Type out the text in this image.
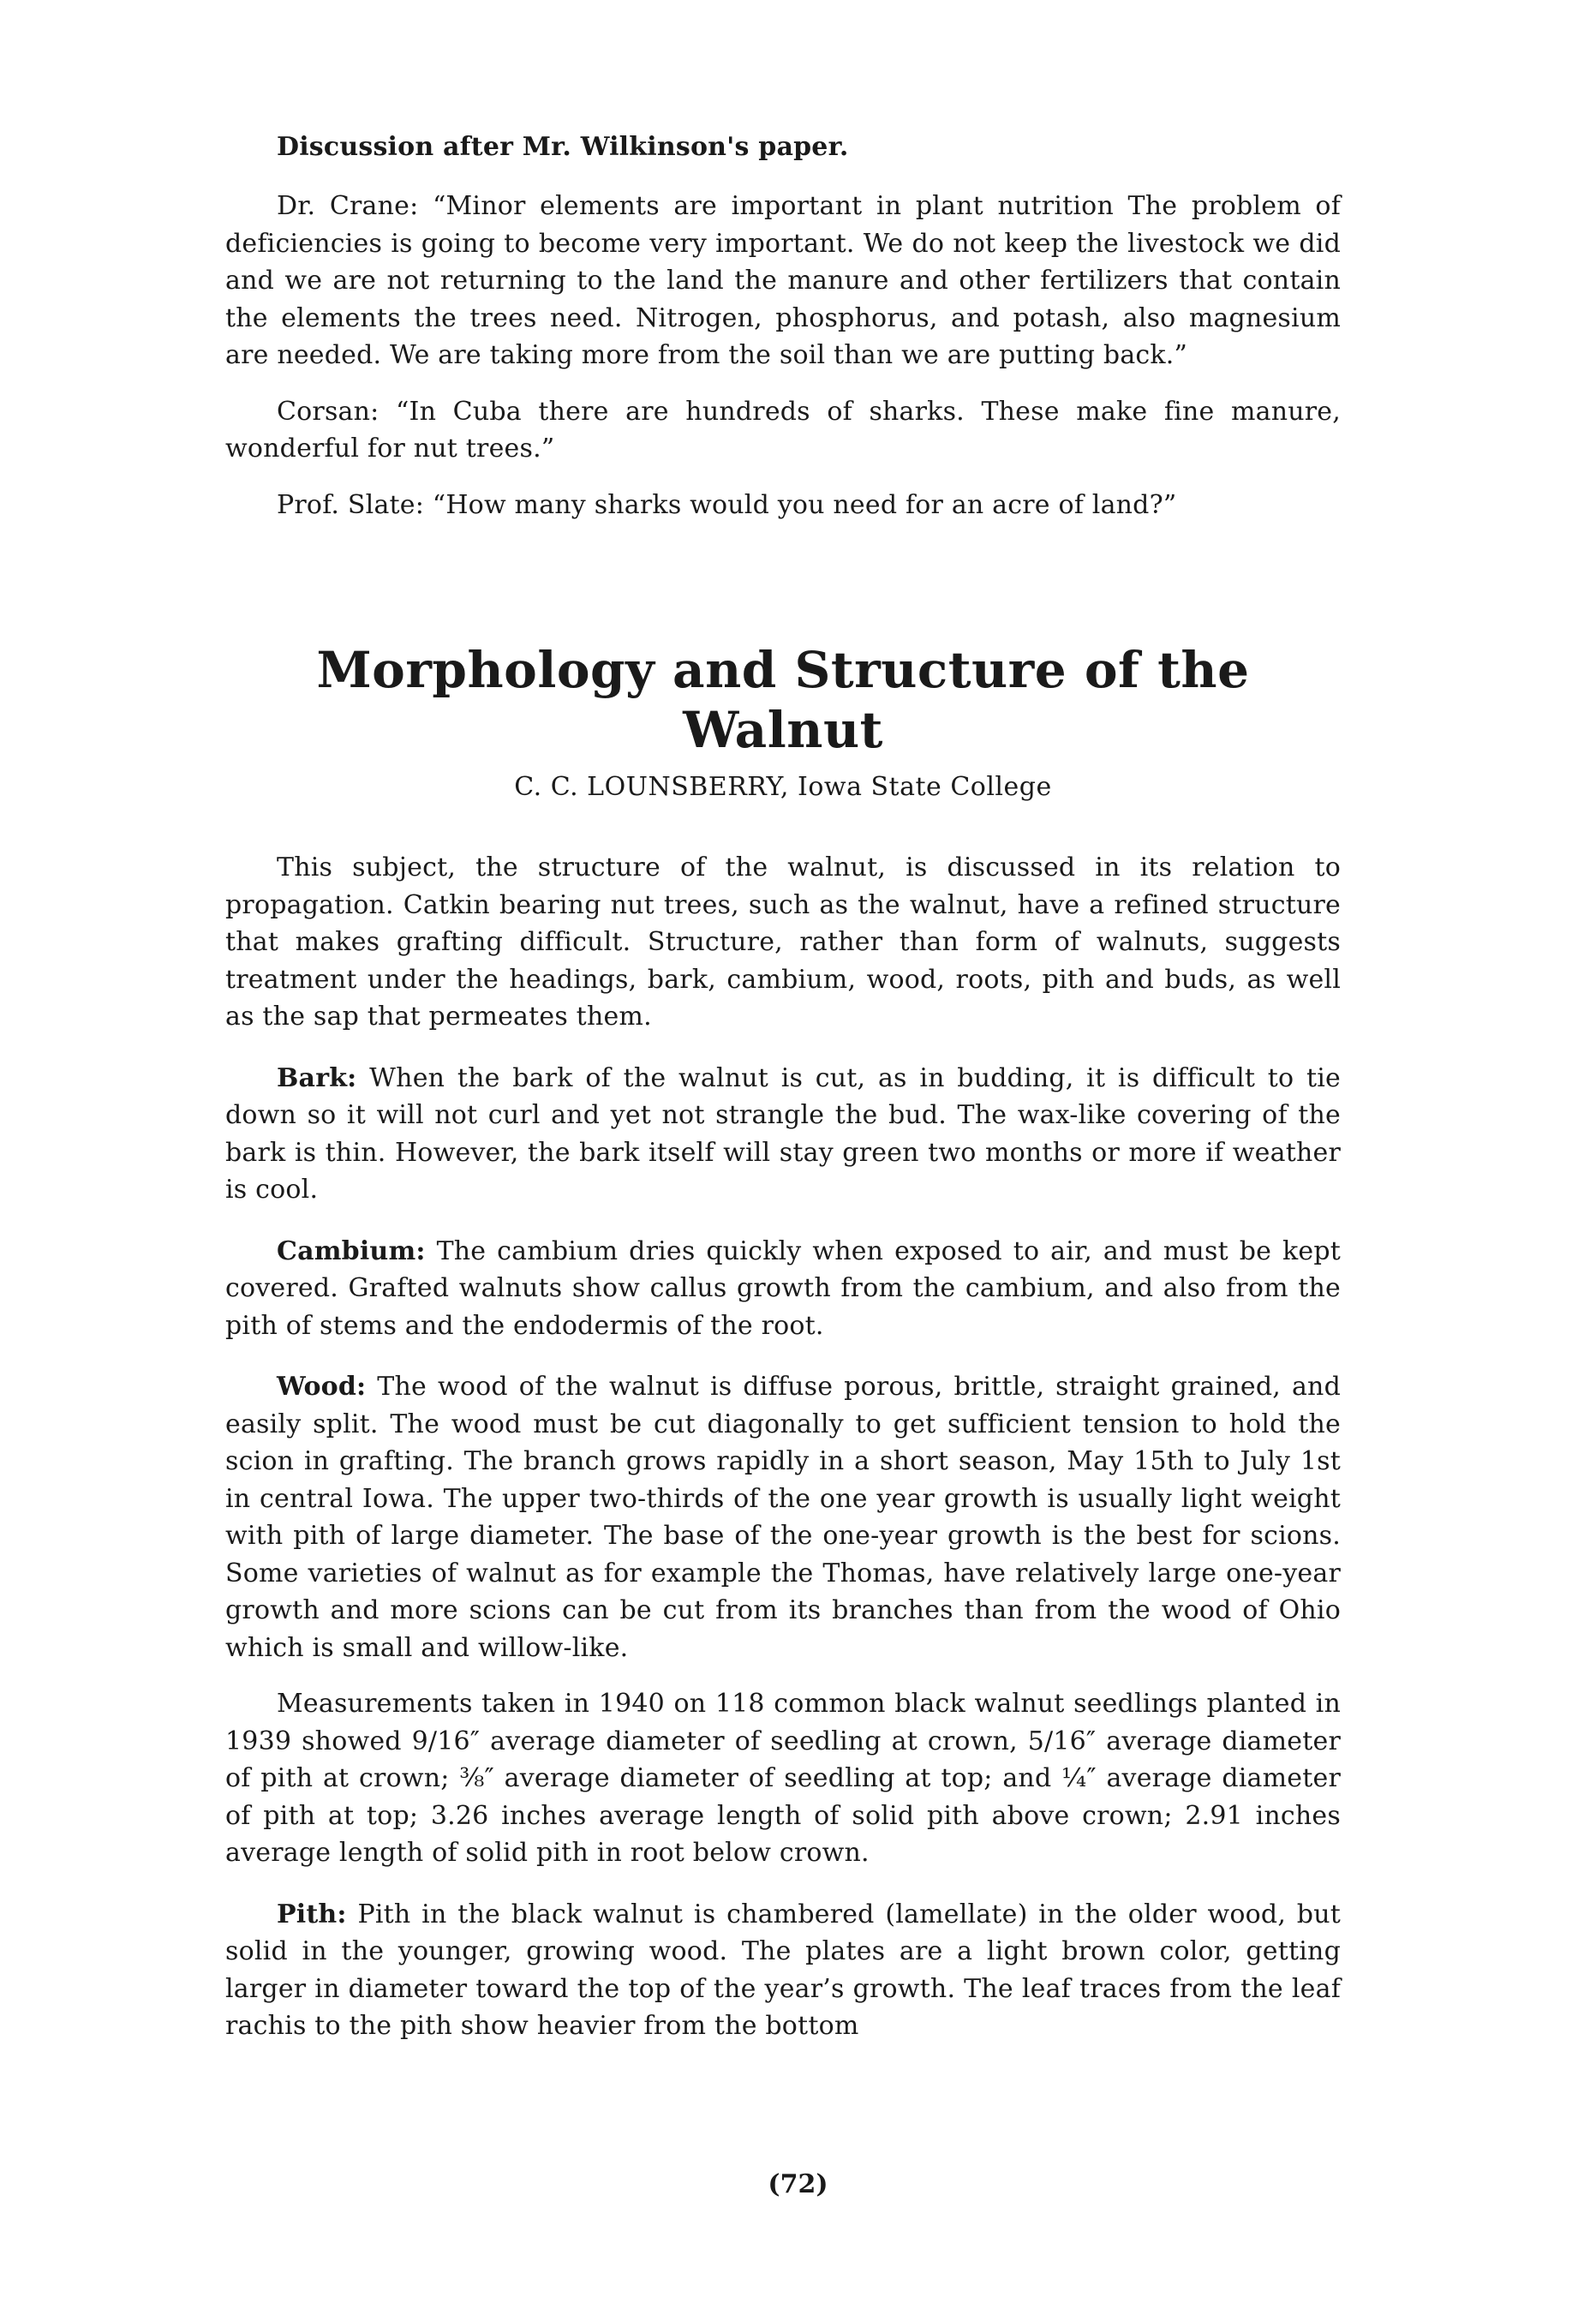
Discussion after Mr. Wilkinson's paper.

Dr. Crane: “Minor elements are important in plant nutrition The problem of deficiencies is going to become very important. We do not keep the livestock we did and we are not returning to the land the manure and other fertilizers that contain the elements the trees need. Nitrogen, phosphorus, and potash, also magnesium are needed. We are taking more from the soil than we are putting back.”

Corsan: “In Cuba there are hundreds of sharks. These make fine manure, wonderful for nut trees.”

Prof. Slate: “How many sharks would you need for an acre of land?”

Morphology and Structure of the Walnut
C. C. LOUNSBERRY, Iowa State College

This subject, the structure of the walnut, is discussed in its relation to propagation. Catkin bearing nut trees, such as the walnut, have a refined structure that makes grafting difficult. Structure, rather than form of walnuts, suggests treatment under the headings, bark, cambium, wood, roots, pith and buds, as well as the sap that permeates them.

Bark: When the bark of the walnut is cut, as in budding, it is difficult to tie down so it will not curl and yet not strangle the bud. The wax-like covering of the bark is thin. However, the bark itself will stay green two months or more if weather is cool.

Cambium: The cambium dries quickly when exposed to air, and must be kept covered. Grafted walnuts show callus growth from the cambium, and also from the pith of stems and the endodermis of the root.

Wood: The wood of the walnut is diffuse porous, brittle, straight grained, and easily split. The wood must be cut diagonally to get sufficient tension to hold the scion in grafting. The branch grows rapidly in a short season, May 15th to July 1st in central Iowa. The upper two-thirds of the one year growth is usually light weight with pith of large diameter. The base of the one-year growth is the best for scions. Some varieties of walnut as for example the Thomas, have relatively large one-year growth and more scions can be cut from its branches than from the wood of Ohio which is small and willow-like.

Measurements taken in 1940 on 118 common black walnut seedlings planted in 1939 showed 9/16″ average diameter of seedling at crown, 5/16″ average diameter of pith at crown; ⅜″ average diameter of seedling at top; and ¼″ average diameter of pith at top; 3.26 inches average length of solid pith above crown; 2.91 inches average length of solid pith in root below crown.

Pith: Pith in the black walnut is chambered (lamellate) in the older wood, but solid in the younger, growing wood. The plates are a light brown color, getting larger in diameter toward the top of the year’s growth. The leaf traces from the leaf rachis to the pith show heavier from the bottom

(72)
